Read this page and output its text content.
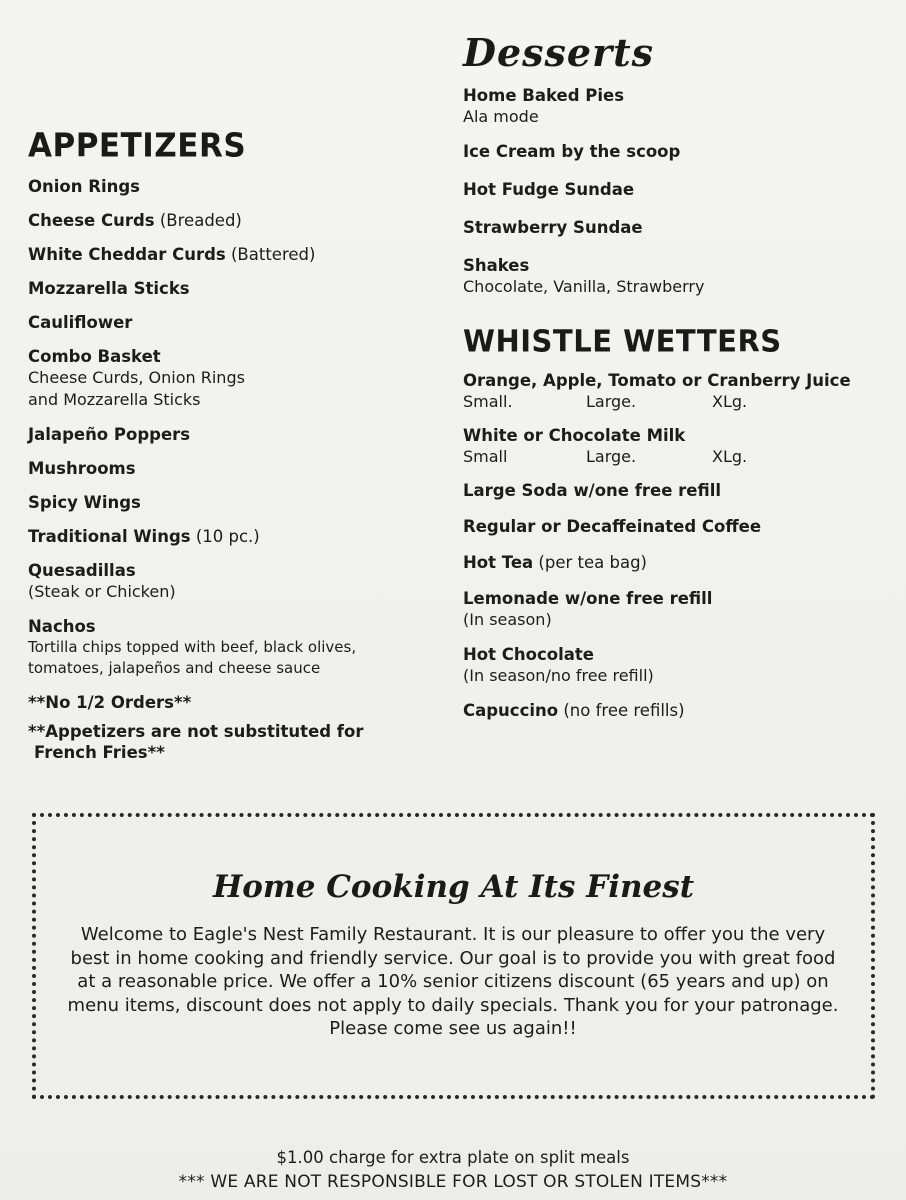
APPETIZERS
Onion Rings
Cheese Curds (Breaded)
White Cheddar Curds (Battered)
Mozzarella Sticks
Cauliflower
Combo Basket
Cheese Curds, Onion Rings
and Mozzarella Sticks
Jalapeño Poppers
Mushrooms
Spicy Wings
Traditional Wings (10 pc.)
Quesadillas
(Steak or Chicken)
Nachos
Tortilla chips topped with beef, black olives,
tomatoes, jalapeños and cheese sauce
**No 1/2 Orders**
**Appetizers are not substituted for
French Fries**
Desserts
Home Baked Pies
Ala mode
Ice Cream by the scoop
Hot Fudge Sundae
Strawberry Sundae
Shakes
Chocolate, Vanilla, Strawberry
WHISTLE WETTERS
Orange, Apple, Tomato or Cranberry Juice
Small.	Large.	XLg.
White or Chocolate Milk
Small	Large.	XLg.
Large Soda w/one free refill
Regular or Decaffeinated Coffee
Hot Tea (per tea bag)
Lemonade w/one free refill
(In season)
Hot Chocolate
(In season/no free refill)
Capuccino (no free refills)
Home Cooking At Its Finest
Welcome to Eagle's Nest Family Restaurant. It is our pleasure to offer you the very
best in home cooking and friendly service. Our goal is to provide you with great food
at a reasonable price. We offer a 10% senior citizens discount (65 years and up) on
menu items, discount does not apply to daily specials. Thank you for your patronage.
Please come see us again!!
$1.00 charge for extra plate on split meals
*** WE ARE NOT RESPONSIBLE FOR LOST OR STOLEN ITEMS***
